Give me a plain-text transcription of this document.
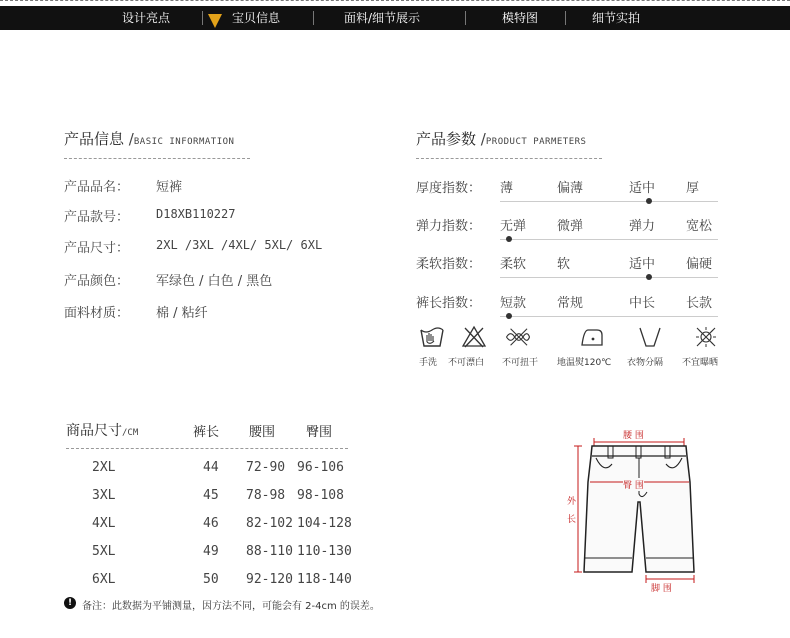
设计亮点	宝贝信息	面料/细节展示	模特图	细节实拍
产品信息 /BASIC INFORMATION
产品品名： 短裤
产品款号： D18XB110227
产品尺寸： 2XL /3XL /4XL/ 5XL/ 6XL
产品颜色： 军绿色 / 白色 / 黑色
面料材质： 棉 / 粘纤
产品参数 /PRODUCT PARMETERS
厚度指数： 薄	偏薄	适中 厚
弹力指数： 无弹 微弹	弹力 宽松
柔软指数： 柔软 软	适中 偏硬
裤长指数： 短款 常规	中长 长款
手洗 不可漂白 不可扭干 地温熨120℃ 衣物分隔 不宜曝晒
商品尺寸/CM	裤长 腰围 臀围
2XL	44 72-90 96-106
3XL	45 78-98 98-108
4XL	46 82-102 104-128
5XL	49 88-110 110-130
6XL	50 92-120 118-140
! 备注：此数据为平铺测量，因方法不同，可能会有 2-4cm 的误差。
腰 围
臀 围
外
长
脚 围
